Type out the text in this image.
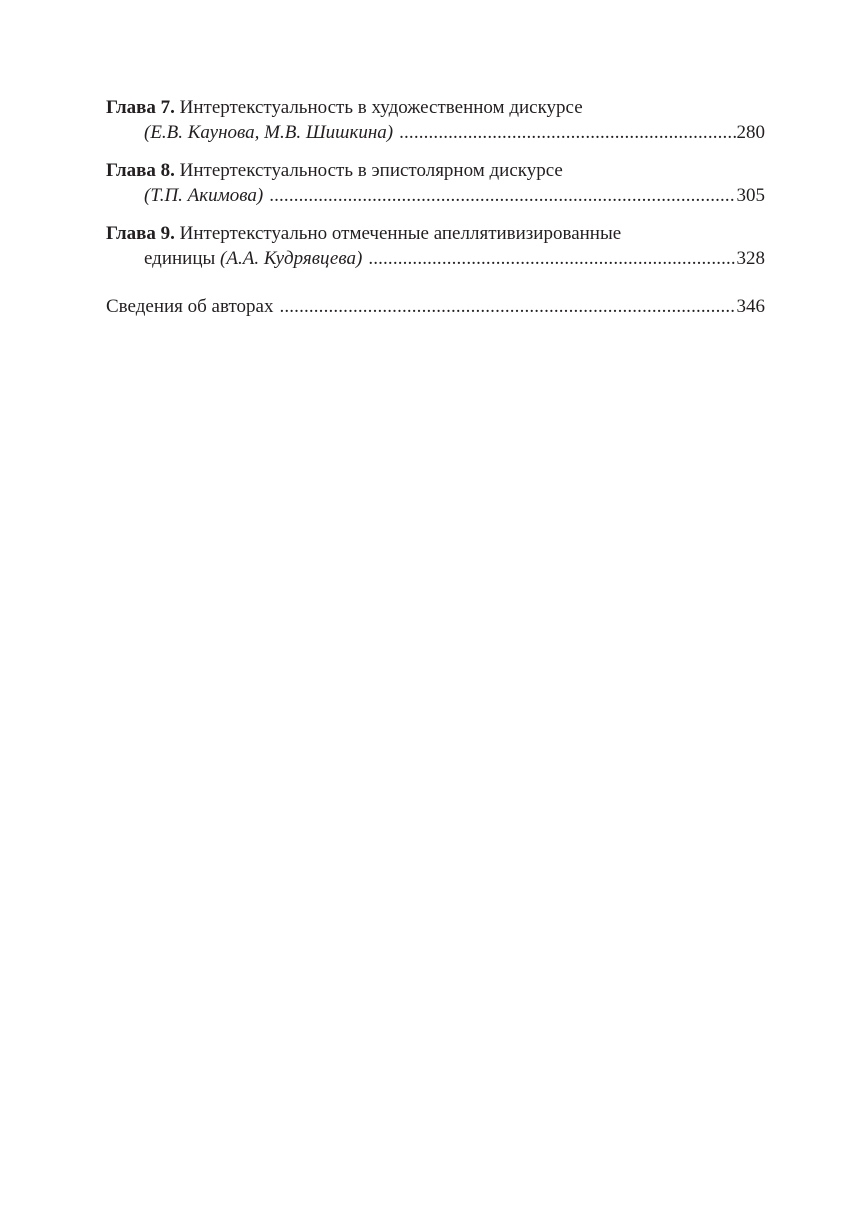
Глава 7.
Интертекстуальность в художественном дискурсе
(Е.В. Каунова, М.В. Шишкина) . . .	280
Глава 8.
Интертекстуальность в эпистолярном дискурсе
(Т.П. Акимова) . . .	305
Глава 9.
Интертекстуально отмеченные апеллятивизированные
единицы
(А.А. Кудрявцева) . . .	328
Сведения об авторах . . .	346
